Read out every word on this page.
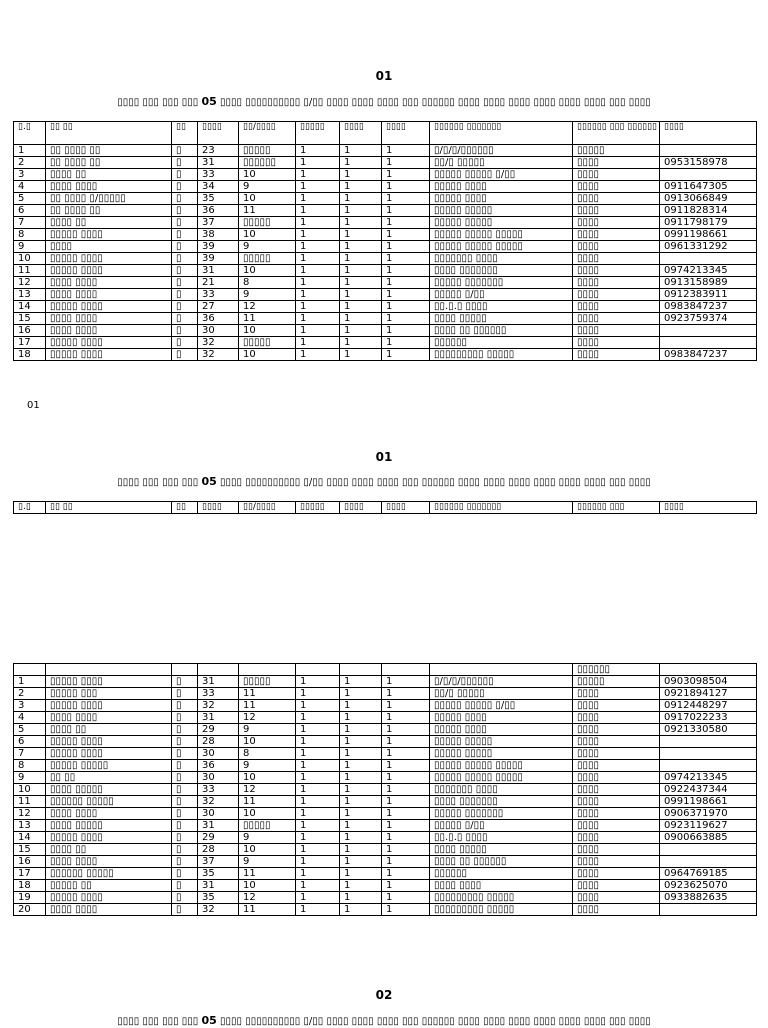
01
▯▯▯▯ ▯▯▯ ▯▯▯ ▯▯▯ 05 ▯▯▯▯ ▯▯▯▯▯▯▯▯▯▯ ▯/▯▯ ▯▯▯▯ ▯▯▯▯ ▯▯▯▯ ▯▯▯ ▯▯▯▯▯▯ ▯▯▯▯ ▯▯▯▯ ▯▯▯▯ ▯▯▯▯ ▯▯▯▯ ▯▯▯▯ ▯▯▯ ▯▯▯▯
▯.▯	▯▯ ▯▯	▯▯	▯▯▯▯	▯▯/▯▯▯▯	▯▯▯▯▯	▯▯▯▯	▯▯▯▯	▯▯▯▯▯▯ ▯▯▯▯▯▯▯	▯▯▯▯▯▯ ▯▯▯ ▯▯▯▯▯▯	▯▯▯▯
1	▯▯ ▯▯▯▯ ▯▯	▯	23	▯▯▯▯▯	1	1	1	▯/▯/▯/▯▯▯▯▯▯	▯▯▯▯▯	
2	▯▯ ▯▯▯▯ ▯▯	▯	31	▯▯▯▯▯▯	1	1	1	▯▯/▯ ▯▯▯▯▯	▯▯▯▯	0953158978
3	▯▯▯▯ ▯▯	▯	33	10	1	1	1	▯▯▯▯▯ ▯▯▯▯▯ ▯/▯▯	▯▯▯▯	
4	▯▯▯▯ ▯▯▯▯	▯	34	9	1	1	1	▯▯▯▯▯ ▯▯▯▯	▯▯▯▯	0911647305
5	▯▯ ▯▯▯▯ ▯/▯▯▯▯▯	▯	35	10	1	1	1	▯▯▯▯▯ ▯▯▯▯	▯▯▯▯	0913066849
6	▯▯ ▯▯▯▯ ▯▯	▯	36	11	1	1	1	▯▯▯▯▯ ▯▯▯▯▯	▯▯▯▯	0911828314
7	▯▯▯▯ ▯▯	▯	37	▯▯▯▯▯	1	1	1	▯▯▯▯▯ ▯▯▯▯▯	▯▯▯▯	0911798179
8	▯▯▯▯▯ ▯▯▯▯	▯	38	10	1	1	1	▯▯▯▯▯ ▯▯▯▯▯ ▯▯▯▯▯	▯▯▯▯	0991198661
9	▯▯▯▯	▯	39	9	1	1	1	▯▯▯▯▯ ▯▯▯▯▯ ▯▯▯▯▯	▯▯▯▯	0961331292
10	▯▯▯▯▯ ▯▯▯▯	▯	39	▯▯▯▯▯	1	1	1	▯▯▯▯▯▯▯ ▯▯▯▯	▯▯▯▯	
11	▯▯▯▯▯ ▯▯▯▯	▯	31	10	1	1	1	▯▯▯▯ ▯▯▯▯▯▯▯	▯▯▯▯	0974213345
12	▯▯▯▯ ▯▯▯▯	▯	21	8	1	1	1	▯▯▯▯▯ ▯▯▯▯▯▯▯	▯▯▯▯	0913158989
13	▯▯▯▯ ▯▯▯▯	▯	33	9	1	1	1	▯▯▯▯▯ ▯/▯▯	▯▯▯▯	0912383911
14	▯▯▯▯▯ ▯▯▯▯	▯	27	12	1	1	1	▯▯.▯.▯ ▯▯▯▯	▯▯▯▯	0983847237
15	▯▯▯▯ ▯▯▯▯	▯	36	11	1	1	1	▯▯▯▯ ▯▯▯▯▯	▯▯▯▯	0923759374
16	▯▯▯▯ ▯▯▯▯	▯	30	10	1	1	1	▯▯▯▯ ▯▯ ▯▯▯▯▯▯	▯▯▯▯	
17	▯▯▯▯▯ ▯▯▯▯	▯	32	▯▯▯▯▯	1	1	1	▯▯▯▯▯▯	▯▯▯▯	
18	▯▯▯▯▯ ▯▯▯▯	▯	32	10	1	1	1	▯▯▯▯▯▯▯▯▯ ▯▯▯▯▯	▯▯▯▯	0983847237
01
01
▯▯▯▯ ▯▯▯ ▯▯▯ ▯▯▯ 05 ▯▯▯▯ ▯▯▯▯▯▯▯▯▯▯ ▯/▯▯ ▯▯▯▯ ▯▯▯▯ ▯▯▯▯ ▯▯▯ ▯▯▯▯▯▯ ▯▯▯▯ ▯▯▯▯ ▯▯▯▯ ▯▯▯▯ ▯▯▯▯ ▯▯▯▯ ▯▯▯ ▯▯▯▯
▯.▯	▯▯ ▯▯	▯▯	▯▯▯▯	▯▯/▯▯▯▯	▯▯▯▯▯	▯▯▯▯	▯▯▯▯	▯▯▯▯▯▯ ▯▯▯▯▯▯▯	▯▯▯▯▯▯ ▯▯▯	▯▯▯▯
									▯▯▯▯▯▯	
1	▯▯▯▯▯ ▯▯▯▯	▯	31	▯▯▯▯▯	1	1	1	▯/▯/▯/▯▯▯▯▯▯	▯▯▯▯▯	0903098504
2	▯▯▯▯▯ ▯▯▯	▯	33	11	1	1	1	▯▯/▯ ▯▯▯▯▯	▯▯▯▯	0921894127
3	▯▯▯▯▯ ▯▯▯▯	▯	32	11	1	1	1	▯▯▯▯▯ ▯▯▯▯▯ ▯/▯▯	▯▯▯▯	0912448297
4	▯▯▯▯ ▯▯▯▯	▯	31	12	1	1	1	▯▯▯▯▯ ▯▯▯▯	▯▯▯▯	0917022233
5	▯▯▯▯ ▯▯	▯	29	9	1	1	1	▯▯▯▯▯ ▯▯▯▯	▯▯▯▯	0921330580
6	▯▯▯▯▯ ▯▯▯▯	▯	28	10	1	1	1	▯▯▯▯▯ ▯▯▯▯▯	▯▯▯▯	
7	▯▯▯▯▯ ▯▯▯▯	▯	30	8	1	1	1	▯▯▯▯▯ ▯▯▯▯▯	▯▯▯▯	
8	▯▯▯▯▯ ▯▯▯▯▯	▯	36	9	1	1	1	▯▯▯▯▯ ▯▯▯▯▯ ▯▯▯▯▯	▯▯▯▯	
9	▯▯ ▯▯	▯	30	10	1	1	1	▯▯▯▯▯ ▯▯▯▯▯ ▯▯▯▯▯	▯▯▯▯	0974213345
10	▯▯▯▯ ▯▯▯▯▯	▯	33	12	1	1	1	▯▯▯▯▯▯▯ ▯▯▯▯	▯▯▯▯	0922437344
11	▯▯▯▯▯▯ ▯▯▯▯▯	▯	32	11	1	1	1	▯▯▯▯ ▯▯▯▯▯▯▯	▯▯▯▯	0991198661
12	▯▯▯▯ ▯▯▯▯	▯	30	10	1	1	1	▯▯▯▯▯ ▯▯▯▯▯▯▯	▯▯▯▯	0906371970
13	▯▯▯▯ ▯▯▯▯▯	▯	31	▯▯▯▯▯	1	1	1	▯▯▯▯▯ ▯/▯▯	▯▯▯▯	0923119627
14	▯▯▯▯▯ ▯▯▯▯	▯	29	9	1	1	1	▯▯.▯.▯ ▯▯▯▯	▯▯▯▯	0900663885
15	▯▯▯▯ ▯▯	▯	28	10	1	1	1	▯▯▯▯ ▯▯▯▯▯	▯▯▯▯	
16	▯▯▯▯ ▯▯▯▯	▯	37	9	1	1	1	▯▯▯▯ ▯▯ ▯▯▯▯▯▯	▯▯▯▯	
17	▯▯▯▯▯▯ ▯▯▯▯▯	▯	35	11	1	1	1	▯▯▯▯▯▯	▯▯▯▯	0964769185
18	▯▯▯▯▯ ▯▯	▯	31	10	1	1	1	▯▯▯▯ ▯▯▯▯	▯▯▯▯	0923625070
19	▯▯▯▯▯ ▯▯▯▯	▯	35	12	1	1	1	▯▯▯▯▯▯▯▯▯ ▯▯▯▯▯	▯▯▯▯	0933882635
20	▯▯▯▯ ▯▯▯▯	▯	32	11	1	1	1	▯▯▯▯▯▯▯▯▯ ▯▯▯▯▯	▯▯▯▯	
02
▯▯▯▯ ▯▯▯ ▯▯▯ ▯▯▯ 05 ▯▯▯▯ ▯▯▯▯▯▯▯▯▯▯ ▯/▯▯ ▯▯▯▯ ▯▯▯▯ ▯▯▯▯ ▯▯▯ ▯▯▯▯▯▯ ▯▯▯▯ ▯▯▯▯ ▯▯▯▯ ▯▯▯▯ ▯▯▯▯ ▯▯▯▯ ▯▯▯ ▯▯▯▯
